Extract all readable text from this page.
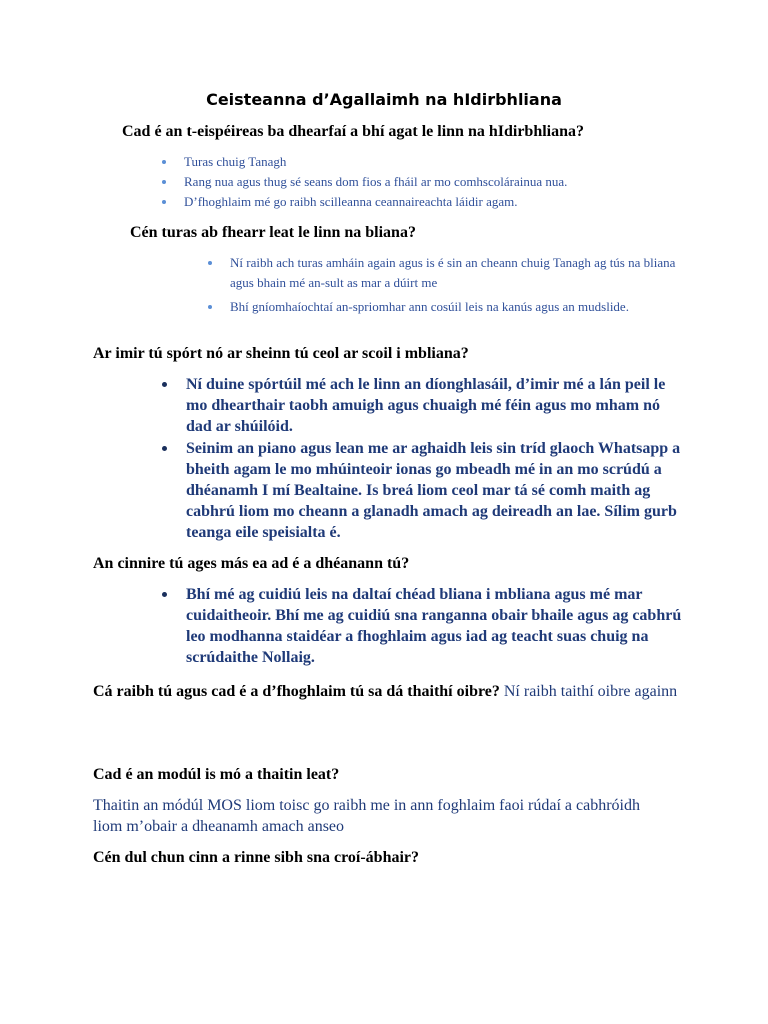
Ceisteanna d’Agallaimh na hIdirbhliana

Cad é an t-eispéireas ba dhearfaí a bhí agat le linn na hIdirbhliana?

Turas chuig Tanagh
Rang nua agus thug sé seans dom fios a fháil ar mo comhscolárainua nua.
D’fhoghlaim mé go raibh scilleanna ceannaireachta láidir agam.

Cén turas ab fhearr leat le linn na bliana?

Ní raibh ach turas amháin again agus is é sin an cheann chuig Tanagh ag tús na bliana agus bhain mé an-sult as mar a dúirt me
Bhí gníomhaíochtaí an-spriomhar ann cosúil leis na kanús agus an mudslide.

Ar imir tú spórt nó ar sheinn tú ceol ar scoil i mbliana?

Ní duine spórtúil mé ach le linn an díonghlasáil, d’imir mé a lán peil le mo dhearthair taobh amuigh agus chuaigh mé féin agus mo mham nó dad ar shúilóid.
Seinim an piano agus lean me ar aghaidh leis sin tríd glaoch Whatsapp a bheith agam le mo mhúinteoir ionas go mbeadh mé in an mo scrúdú a dhéanamh I mí Bealtaine. Is breá liom ceol mar tá sé comh maith ag cabhrú liom mo cheann a glanadh amach ag deireadh an lae. Sílim gurb teanga eile speisialta é.

An cinnire tú ages más ea ad é a dhéanann tú?

Bhí mé ag cuidiú leis na daltaí chéad bliana i mbliana agus mé mar cuidaitheoir. Bhí me ag cuidiú sna ranganna obair bhaile agus ag cabhrú leo modhanna staidéar a fhoghlaim agus iad ag teacht suas chuig na scrúdaithe Nollaig.

Cá raibh tú agus cad é a d’fhoghlaim tú sa dá thaithí oibre? Ní raibh taithí oibre againn

Cad é an modúl is mó a thaitin leat?

Thaitin an módúl MOS liom toisc go raibh me in ann foghlaim faoi rúdaí a cabhróidh liom m’obair a dheanamh amach anseo

Cén dul chun cinn a rinne sibh sna croí-ábhair?
